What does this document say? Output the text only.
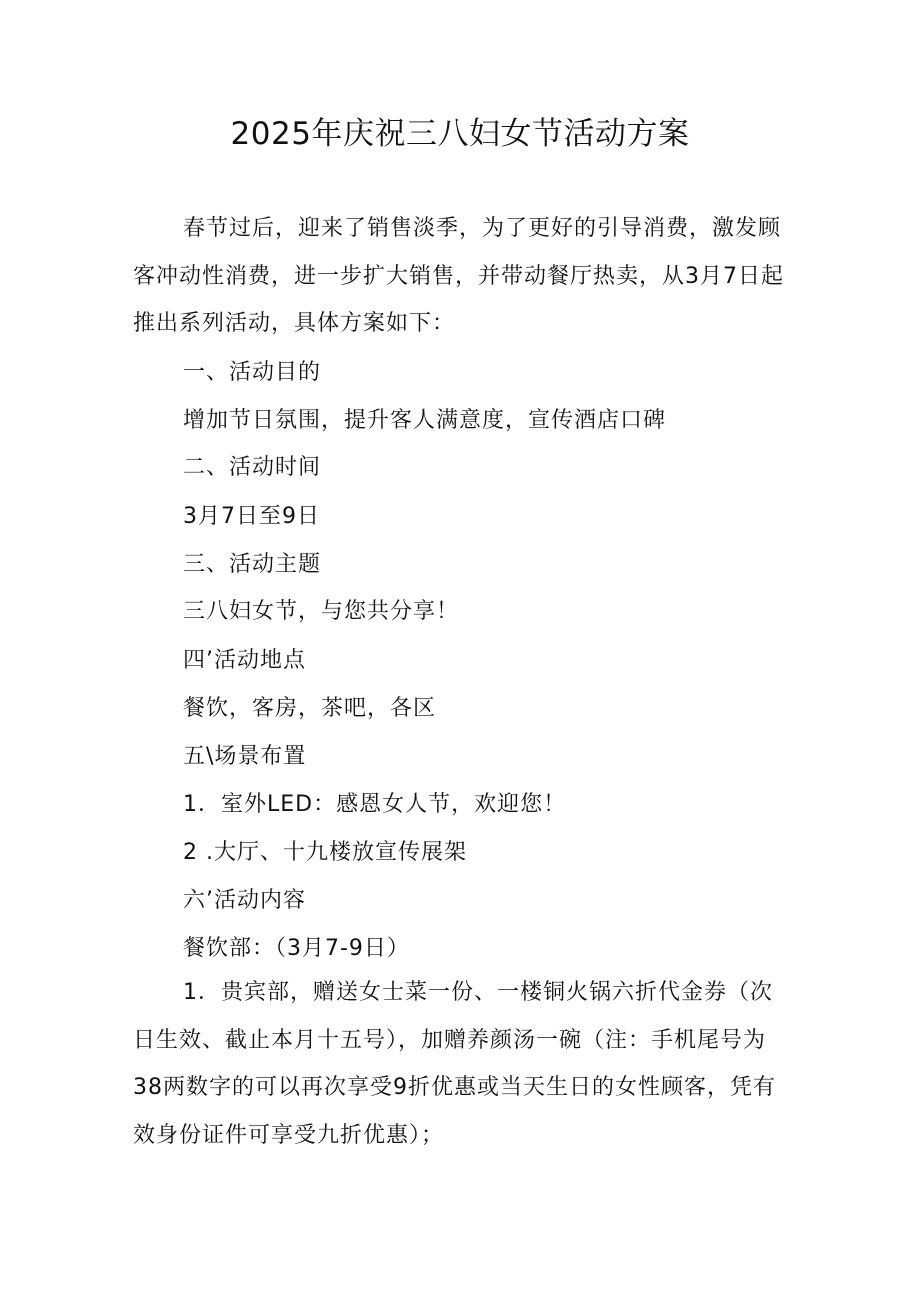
2025年庆祝三八妇女节活动方案

春节过后，迎来了销售淡季，为了更好的引导消费，激发顾客冲动性消费，进一步扩大销售，并带动餐厅热卖，从3月7日起推出系列活动，具体方案如下：

一、活动目的

增加节日氛围，提升客人满意度，宣传酒店口碑

二、活动时间

3月7日至9日

三、活动主题

三八妇女节，与您共分享！

四’活动地点

餐饮，客房，茶吧，各区

五\场景布置

1．室外LED：感恩女人节，欢迎您！

2 .大厅、十九楼放宣传展架

六’活动内容

餐饮部：（3月7-9日）

1．贵宾部，赠送女士菜一份、一楼铜火锅六折代金券（次日生效、截止本月十五号），加赠养颜汤一碗（注：手机尾号为38两数字的可以再次享受9折优惠或当天生日的女性顾客，凭有效身份证件可享受九折优惠）；
